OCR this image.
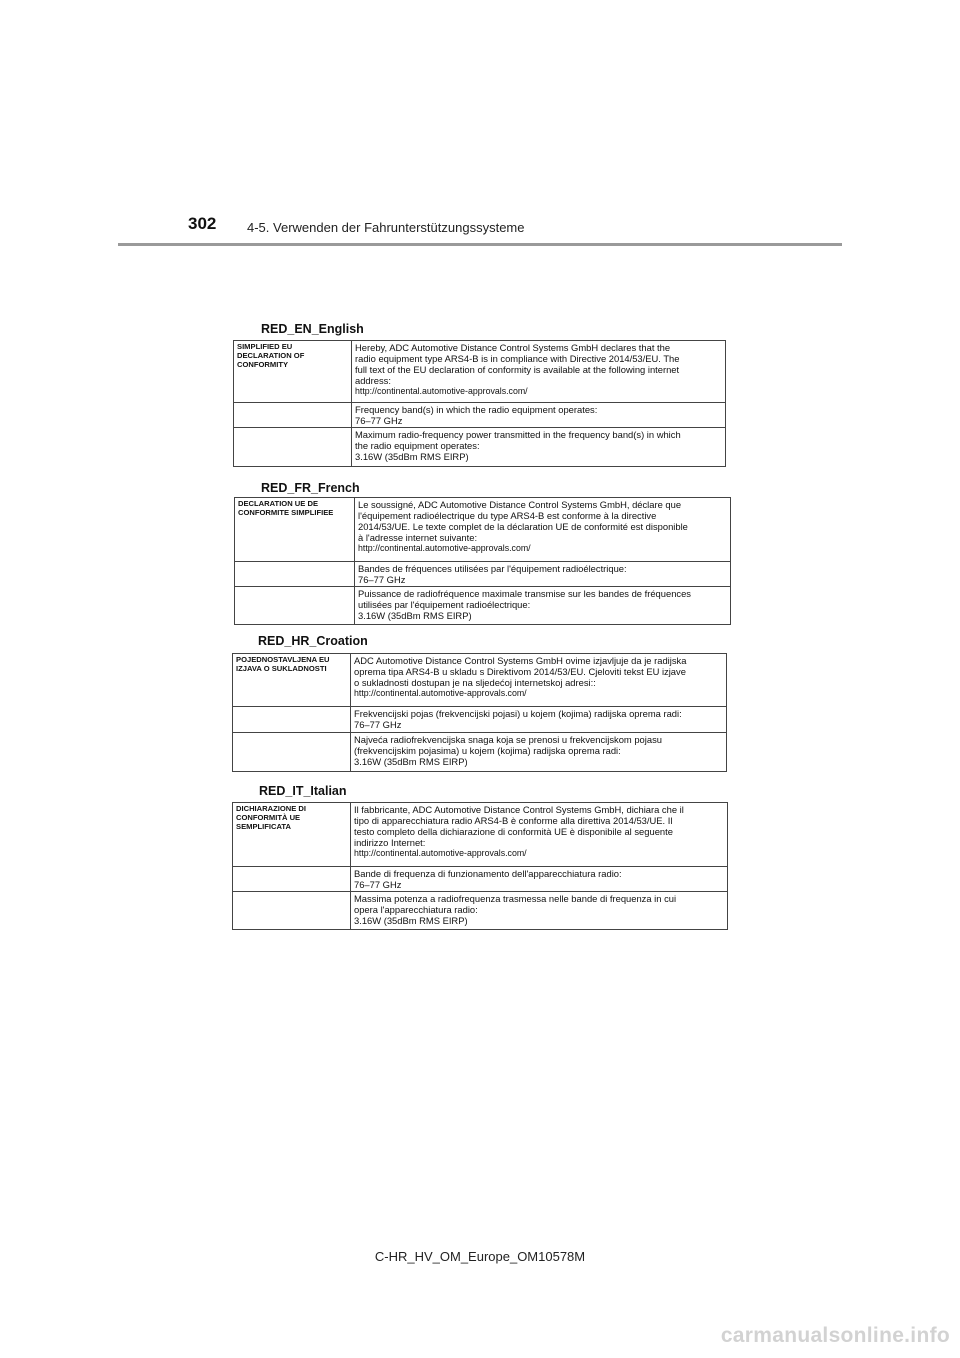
302 4-5. Verwenden der Fahrunterstützungssysteme
RED_EN_English
SIMPLIFIED EU DECLARATION OF CONFORMITY	Hereby, ADC Automotive Distance Control Systems GmbH declares that the
radio equipment type ARS4-B is in compliance with Directive 2014/53/EU. The
full text of the EU declaration of conformity is available at the following internet
address:
http://continental.automotive-approvals.com/

	Frequency band(s) in which the radio equipment operates:
76–77 GHz

	Maximum radio-frequency power transmitted in the frequency band(s) in which
the radio equipment operates:
3.16W (35dBm RMS EIRP)
RED_FR_French
DECLARATION UE DE CONFORMITE SIMPLIFIEE	Le soussigné, ADC Automotive Distance Control Systems GmbH, déclare que
l'équipement radioélectrique du type ARS4-B est conforme à la directive
2014/53/UE. Le texte complet de la déclaration UE de conformité est disponible
à l'adresse internet suivante:
http://continental.automotive-approvals.com/

	Bandes de fréquences utilisées par l'équipement radioélectrique:
76–77 GHz

	Puissance de radiofréquence maximale transmise sur les bandes de fréquences
utilisées par l'équipement radioélectrique:
3.16W (35dBm RMS EIRP)
RED_HR_Croation
POJEDNOSTAVLJENA EU IZJAVA O SUKLADNOSTI	ADC Automotive Distance Control Systems GmbH ovime izjavljuje da je radijska
oprema tipa ARS4-B u skladu s Direktivom 2014/53/EU. Cjeloviti tekst EU izjave
o sukladnosti dostupan je na sljedećoj internetskoj adresi::
http://continental.automotive-approvals.com/

	Frekvencijski pojas (frekvencijski pojasi) u kojem (kojima) radijska oprema radi:
76–77 GHz

	Najveća radiofrekvencijska snaga koja se prenosi u frekvencijskom pojasu
(frekvencijskim pojasima) u kojem (kojima) radijska oprema radi:
3.16W (35dBm RMS EIRP)
RED_IT_Italian
DICHIARAZIONE DI CONFORMITÀ UE SEMPLIFICATA	Il fabbricante, ADC Automotive Distance Control Systems GmbH, dichiara che il
tipo di apparecchiatura radio ARS4-B è conforme alla direttiva 2014/53/UE. Il
testo completo della dichiarazione di conformità UE è disponibile al seguente
indirizzo Internet:
http://continental.automotive-approvals.com/

	Bande di frequenza di funzionamento dell'apparecchiatura radio:
76–77 GHz

	Massima potenza a radiofrequenza trasmessa nelle bande di frequenza in cui
opera l'apparecchiatura radio:
3.16W (35dBm RMS EIRP)
C-HR_HV_OM_Europe_OM10578M
carmanualsonline.info
